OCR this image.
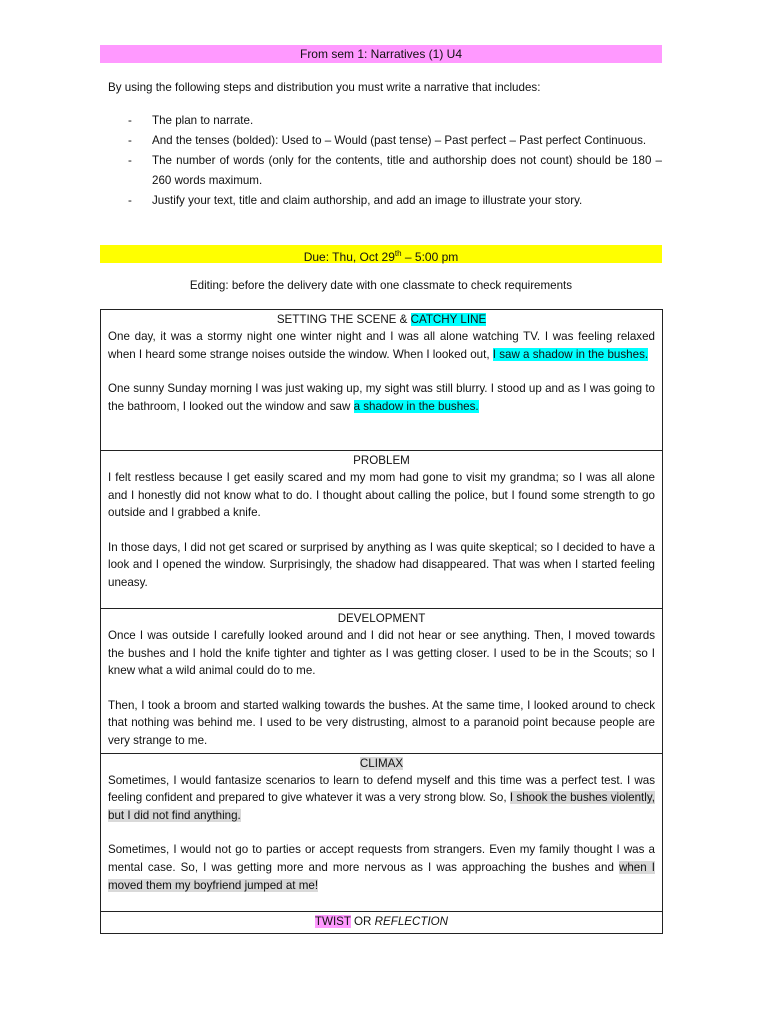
From sem 1: Narratives (1) U4
By using the following steps and distribution you must write a narrative that includes:
- The plan to narrate.
- And the tenses (bolded): Used to – Would (past tense) – Past perfect – Past perfect Continuous.
- The number of words (only for the contents, title and authorship does not count) should be 180 – 260 words maximum.
- Justify your text, title and claim authorship, and add an image to illustrate your story.
Due: Thu, Oct 29th – 5:00 pm
Editing: before the delivery date with one classmate to check requirements
SETTING THE SCENE & CATCHY LINE
One day, it was a stormy night one winter night and I was all alone watching TV. I was feeling relaxed when I heard some strange noises outside the window. When I looked out, I saw a shadow in the bushes.
One sunny Sunday morning I was just waking up, my sight was still blurry. I stood up and as I was going to the bathroom, I looked out the window and saw a shadow in the bushes.

PROBLEM
I felt restless because I get easily scared and my mom had gone to visit my grandma; so I was all alone and I honestly did not know what to do. I thought about calling the police, but I found some strength to go outside and I grabbed a knife.
In those days, I did not get scared or surprised by anything as I was quite skeptical; so I decided to have a look and I opened the window. Surprisingly, the shadow had disappeared. That was when I started feeling uneasy.

DEVELOPMENT
Once I was outside I carefully looked around and I did not hear or see anything. Then, I moved towards the bushes and I hold the knife tighter and tighter as I was getting closer. I used to be in the Scouts; so I knew what a wild animal could do to me.
Then, I took a broom and started walking towards the bushes. At the same time, I looked around to check that nothing was behind me. I used to be very distrusting, almost to a paranoid point because people are very strange to me.

CLIMAX
Sometimes, I would fantasize scenarios to learn to defend myself and this time was a perfect test. I was feeling confident and prepared to give whatever it was a very strong blow. So, I shook the bushes violently, but I did not find anything.
Sometimes, I would not go to parties or accept requests from strangers. Even my family thought I was a mental case. So, I was getting more and more nervous as I was approaching the bushes and when I moved them my boyfriend jumped at me!

TWIST OR REFLECTION
